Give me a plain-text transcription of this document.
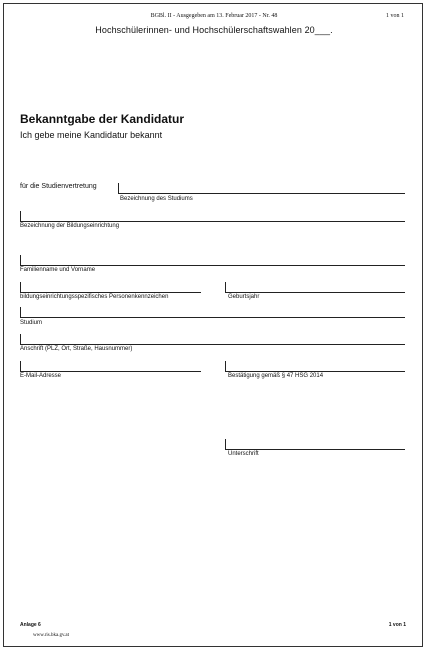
BGBl. II - Ausgegeben am 13. Februar 2017 - Nr. 48	1 von 1
Hochschülerinnen- und Hochschülerschaftswahlen 20___.
Bekanntgabe der Kandidatur
Ich gebe meine Kandidatur bekannt
für die Studienvertretung
Bezeichnung des Studiums
Bezeichnung der Bildungseinrichtung
Familienname und Vorname
bildungseinrichtungsspezifisches Personenkennzeichen	Geburtsjahr
Studium
Anschrift (PLZ, Ort, Straße, Hausnummer)
E-Mail-Adresse	Bestätigung gemäß § 47 HSG 2014
Unterschrift
Anlage 6	1 von 1
www.ris.bka.gv.at
